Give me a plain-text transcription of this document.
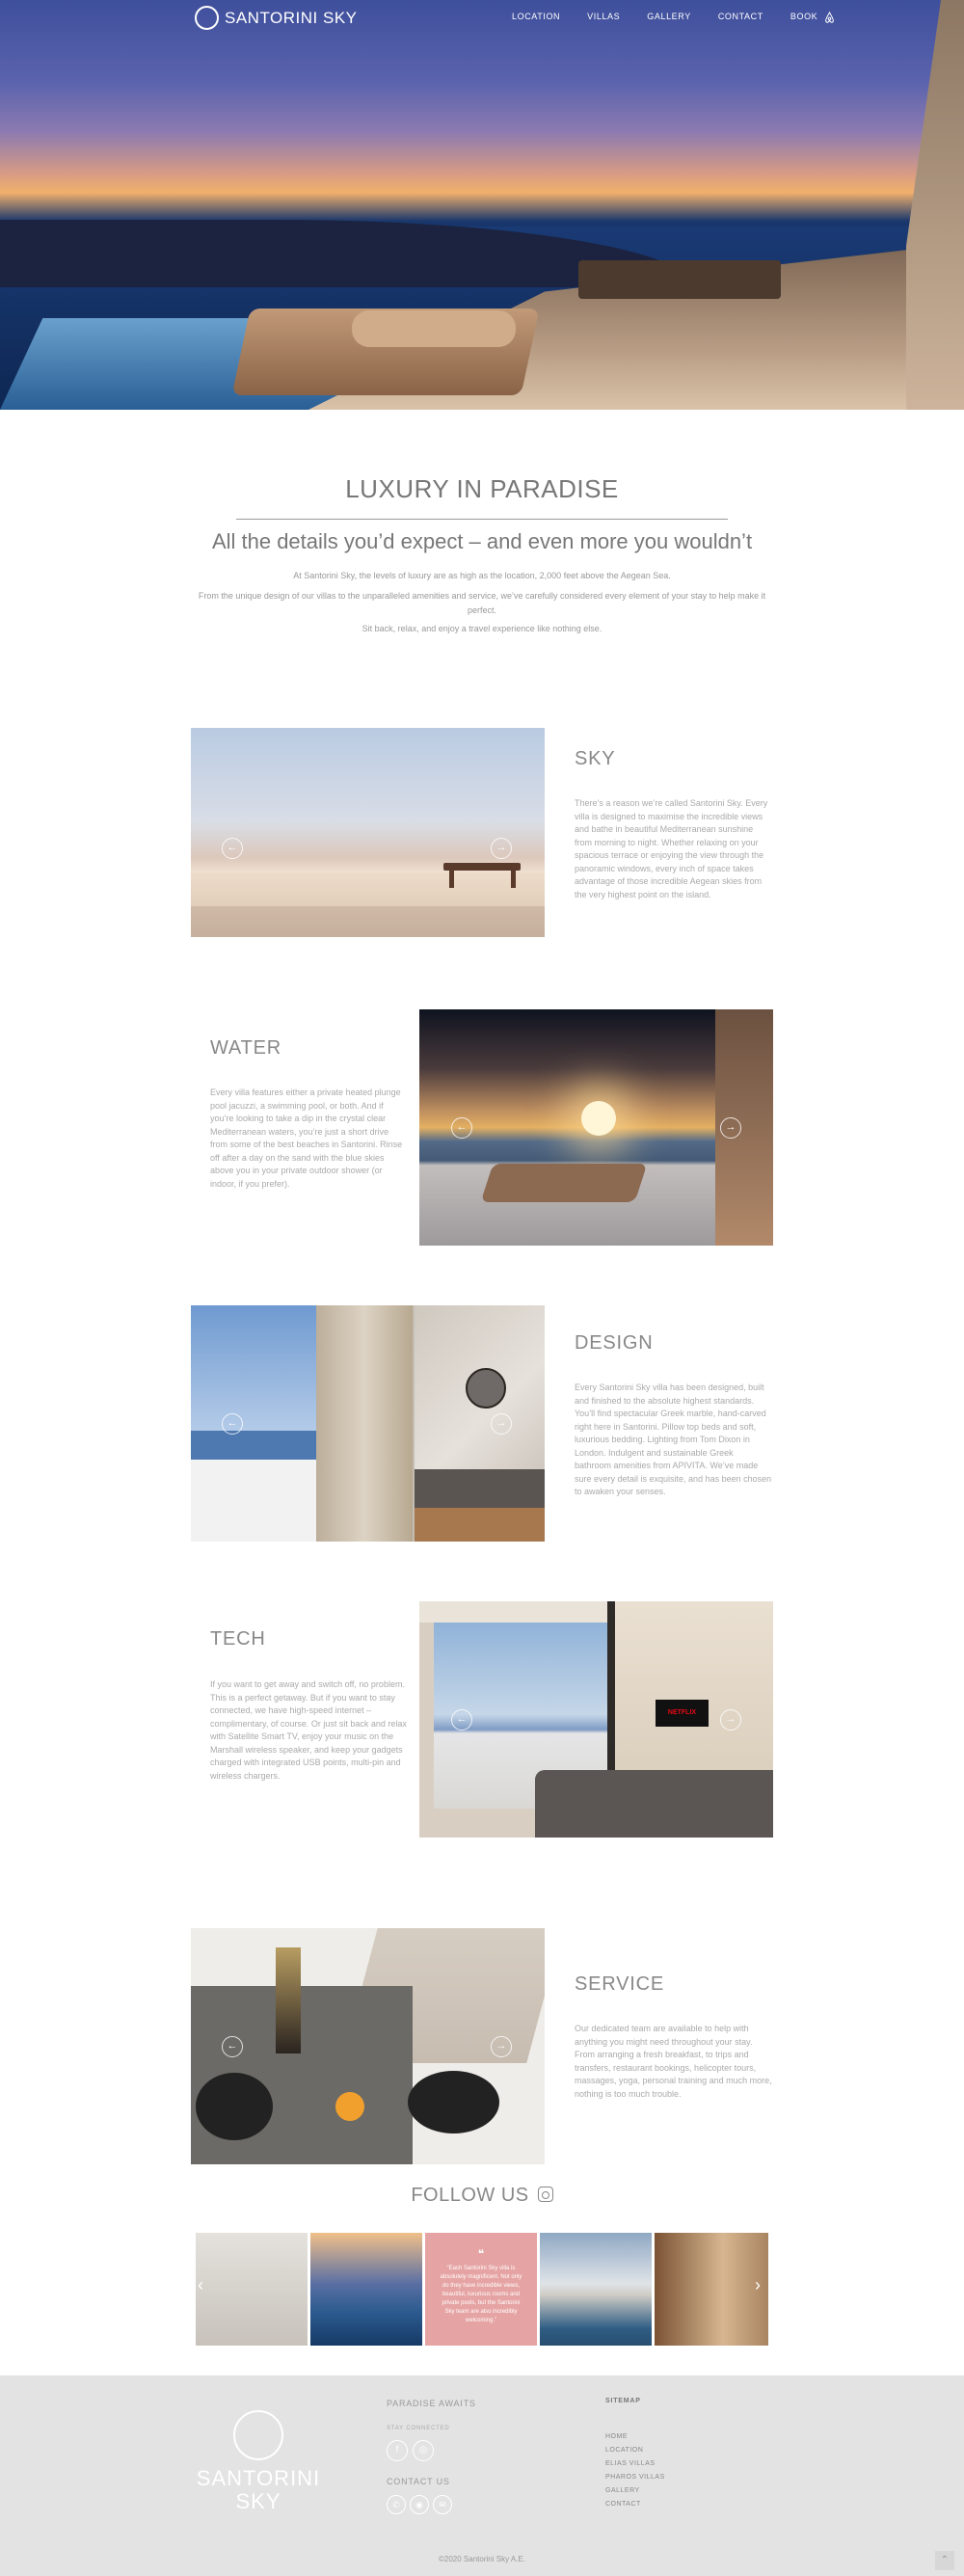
SANTORINI SKY	LOCATION	VILLAS	GALLERY	CONTACT	BOOK
LUXURY IN PARADISE
All the details you’d expect – and even more you wouldn’t
At Santorini Sky, the levels of luxury are as high as the location, 2,000 feet above the Aegean Sea.
From the unique design of our villas to the unparalleled amenities and service, we’ve carefully considered every element of your stay to help make it perfect.
Sit back, relax, and enjoy a travel experience like nothing else.
←	→
SKY
There’s a reason we’re called Santorini Sky. Every villa is designed to maximise the incredible views and bathe in beautiful Mediterranean sunshine from morning to night. Whether relaxing on your spacious terrace or enjoying the view through the panoramic windows, every inch of space takes advantage of those incredible Aegean skies from the very highest point on the island.
WATER
Every villa features either a private heated plunge pool jacuzzi, a swimming pool, or both. And if you’re looking to take a dip in the crystal clear Mediterranean waters, you’re just a short drive from some of the best beaches in Santorini. Rinse off after a day on the sand with the blue skies above you in your private outdoor shower (or indoor, if you prefer).
←	→
←	→
DESIGN
Every Santorini Sky villa has been designed, built and finished to the absolute highest standards. You’ll find spectacular Greek marble, hand-carved right here in Santorini. Pillow top beds and soft, luxurious bedding. Lighting from Tom Dixon in London. Indulgent and sustainable Greek bathroom amenities from APIVITA. We’ve made sure every detail is exquisite, and has been chosen to awaken your senses.
TECH
If you want to get away and switch off, no problem. This is a perfect getaway. But if you want to stay connected, we have high-speed internet – complimentary, of course. Or just sit back and relax with Satellite Smart TV, enjoy your music on the Marshall wireless speaker, and keep your gadgets charged with integrated USB points, multi-pin and wireless chargers.
NETFLIX
←	→
←	→
SERVICE
Our dedicated team are available to help with anything you might need throughout your stay. From arranging a fresh breakfast, to trips and transfers, restaurant bookings, helicopter tours, massages, yoga, personal training and much more, nothing is too much trouble.
FOLLOW US
❝
“Each Santorini Sky villa is absolutely magnificent. Not only do they have incredible views, beautiful, luxurious rooms and private pools, but the Santorini Sky team are also incredibly welcoming.”
‹	›
SANTORINI
SKY
PARADISE AWAITS
STAY CONNECTED
f	◎
CONTACT US
✆	◉	✉
SITEMAP
HOME
LOCATION
ELIAS VILLAS
PHAROS VILLAS
GALLERY
CONTACT
©2020 Santorini Sky A.E.	⌃
